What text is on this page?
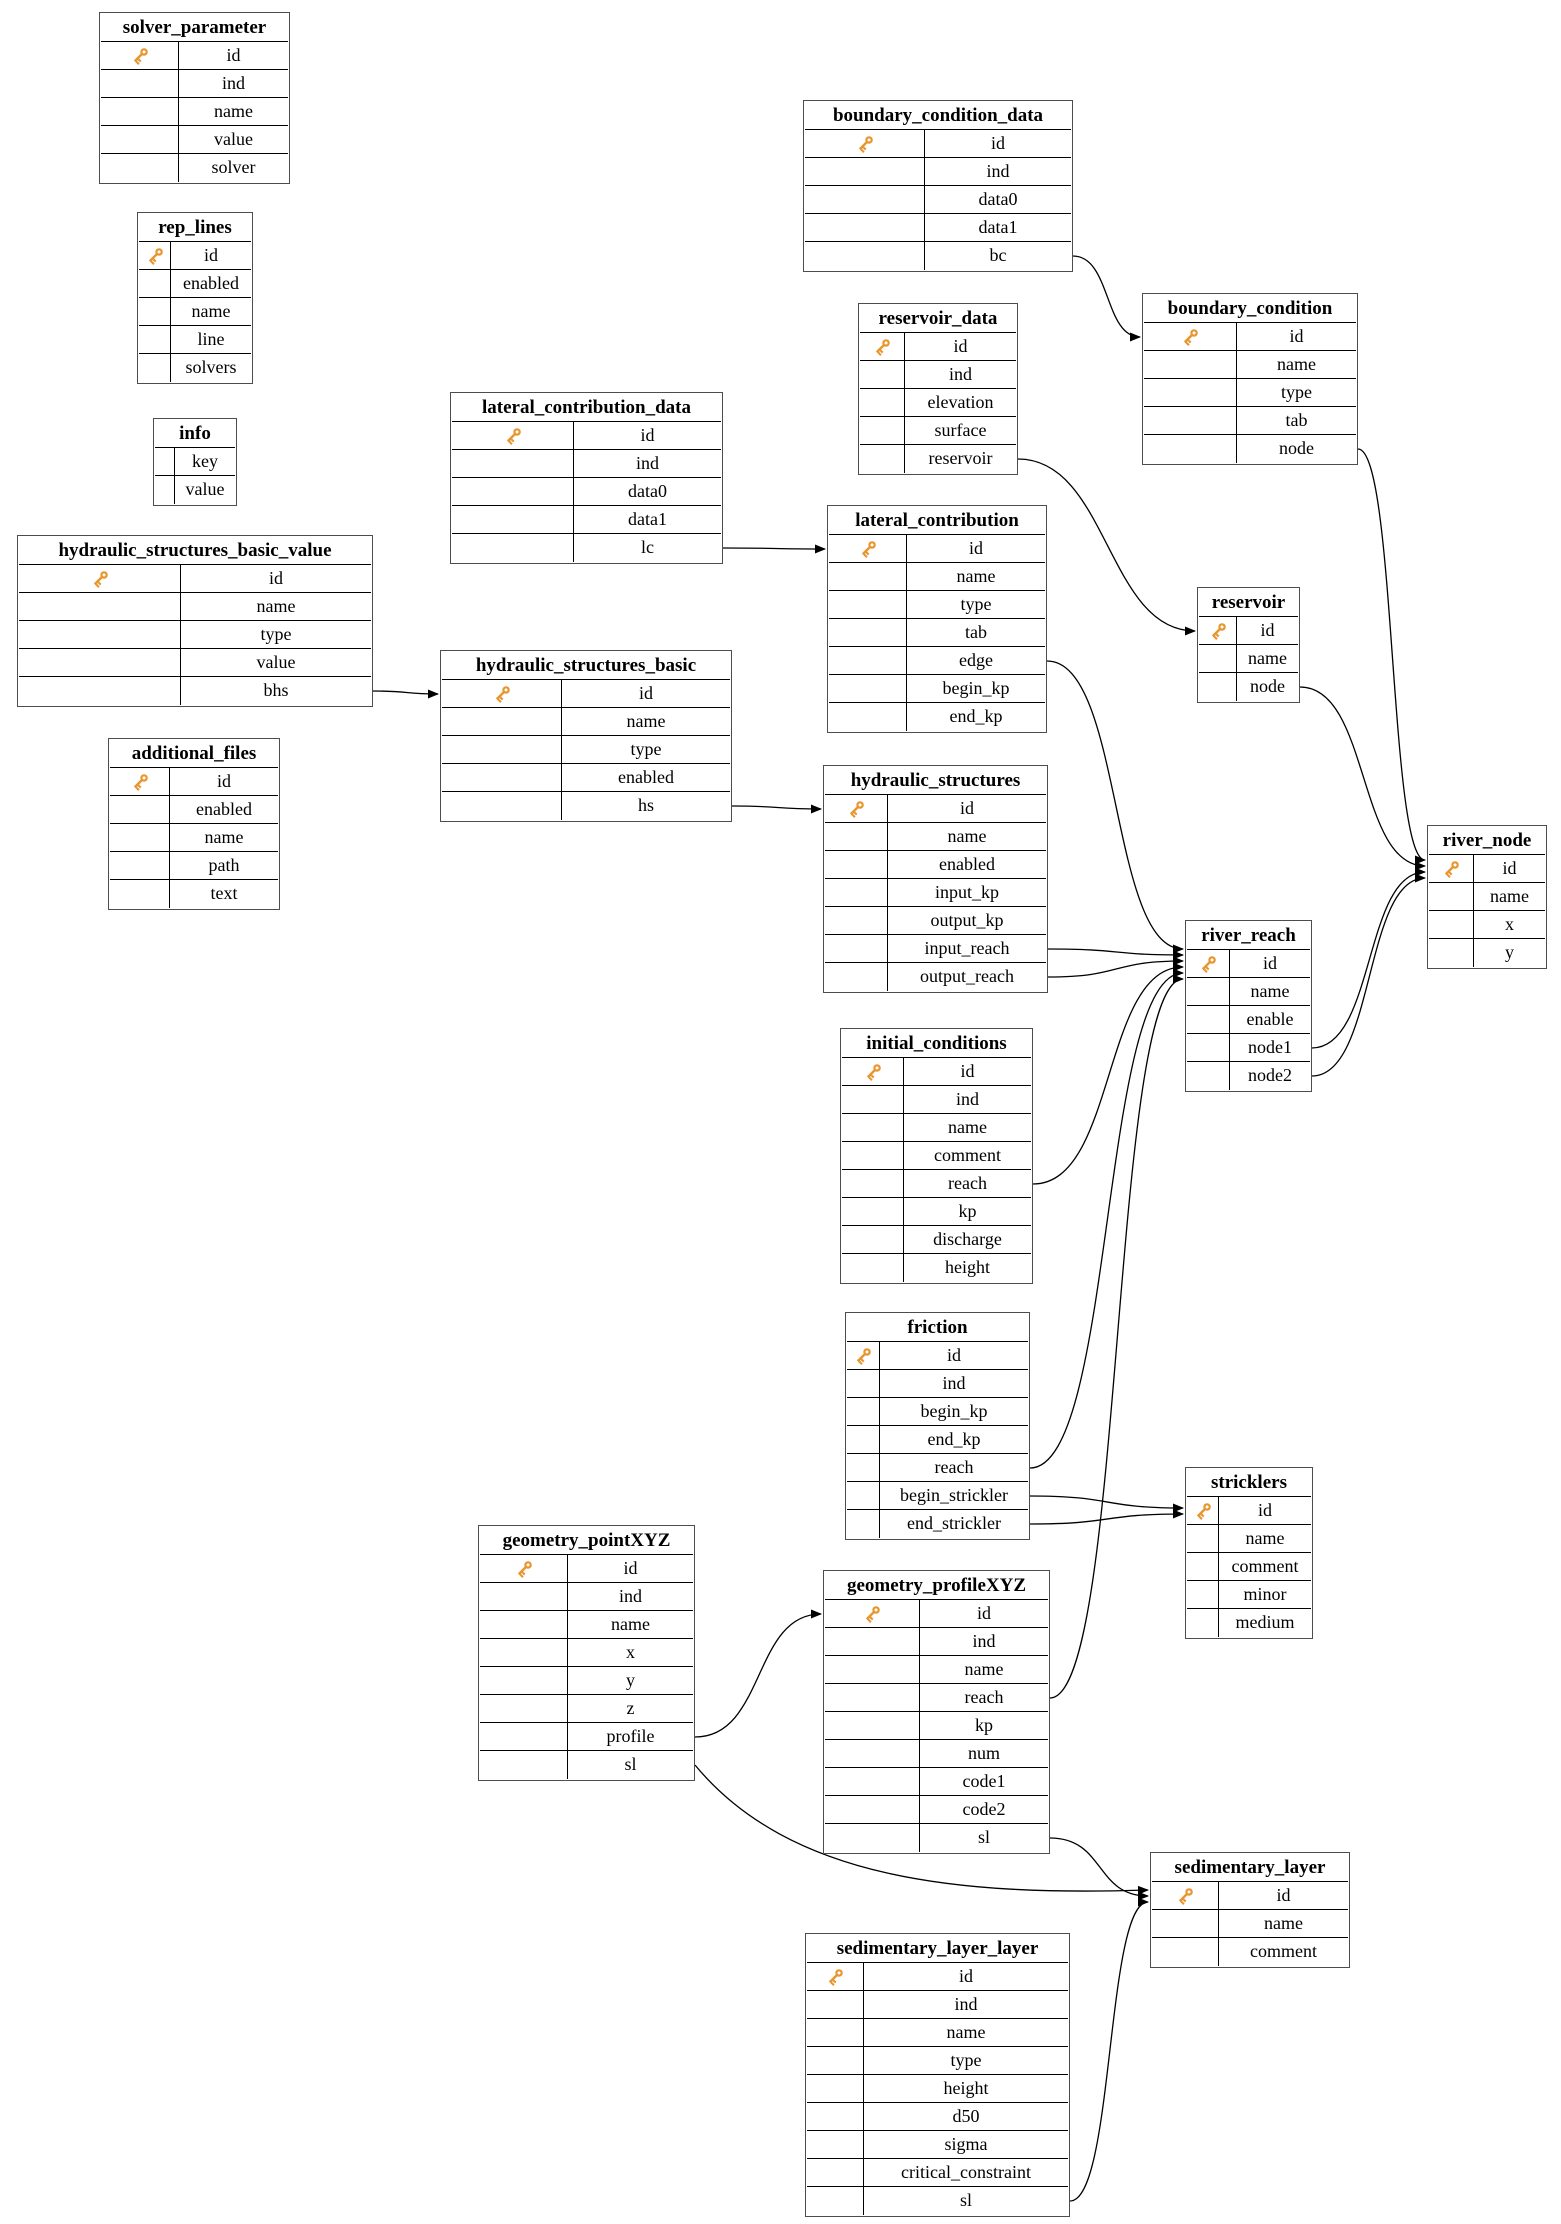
solver_parameter
id
ind
name
value
solver
rep_lines
id
enabled
name
line
solvers
info
key
value
hydraulic_structures_basic_value
id
name
type
value
bhs
additional_files
id
enabled
name
path
text
lateral_contribution_data
id
ind
data0
data1
lc
hydraulic_structures_basic
id
name
type
enabled
hs
boundary_condition_data
id
ind
data0
data1
bc
reservoir_data
id
ind
elevation
surface
reservoir
lateral_contribution
id
name
type
tab
edge
begin_kp
end_kp
boundary_condition
id
name
type
tab
node
reservoir
id
name
node
hydraulic_structures
id
name
enabled
input_kp
output_kp
input_reach
output_reach
river_reach
id
name
enable
node1
node2
river_node
id
name
x
y
initial_conditions
id
ind
name
comment
reach
kp
discharge
height
friction
id
ind
begin_kp
end_kp
reach
begin_strickler
end_strickler
stricklers
id
name
comment
minor
medium
geometry_pointXYZ
id
ind
name
x
y
z
profile
sl
geometry_profileXYZ
id
ind
name
reach
kp
num
code1
code2
sl
sedimentary_layer
id
name
comment
sedimentary_layer_layer
id
ind
name
type
height
d50
sigma
critical_constraint
sl
